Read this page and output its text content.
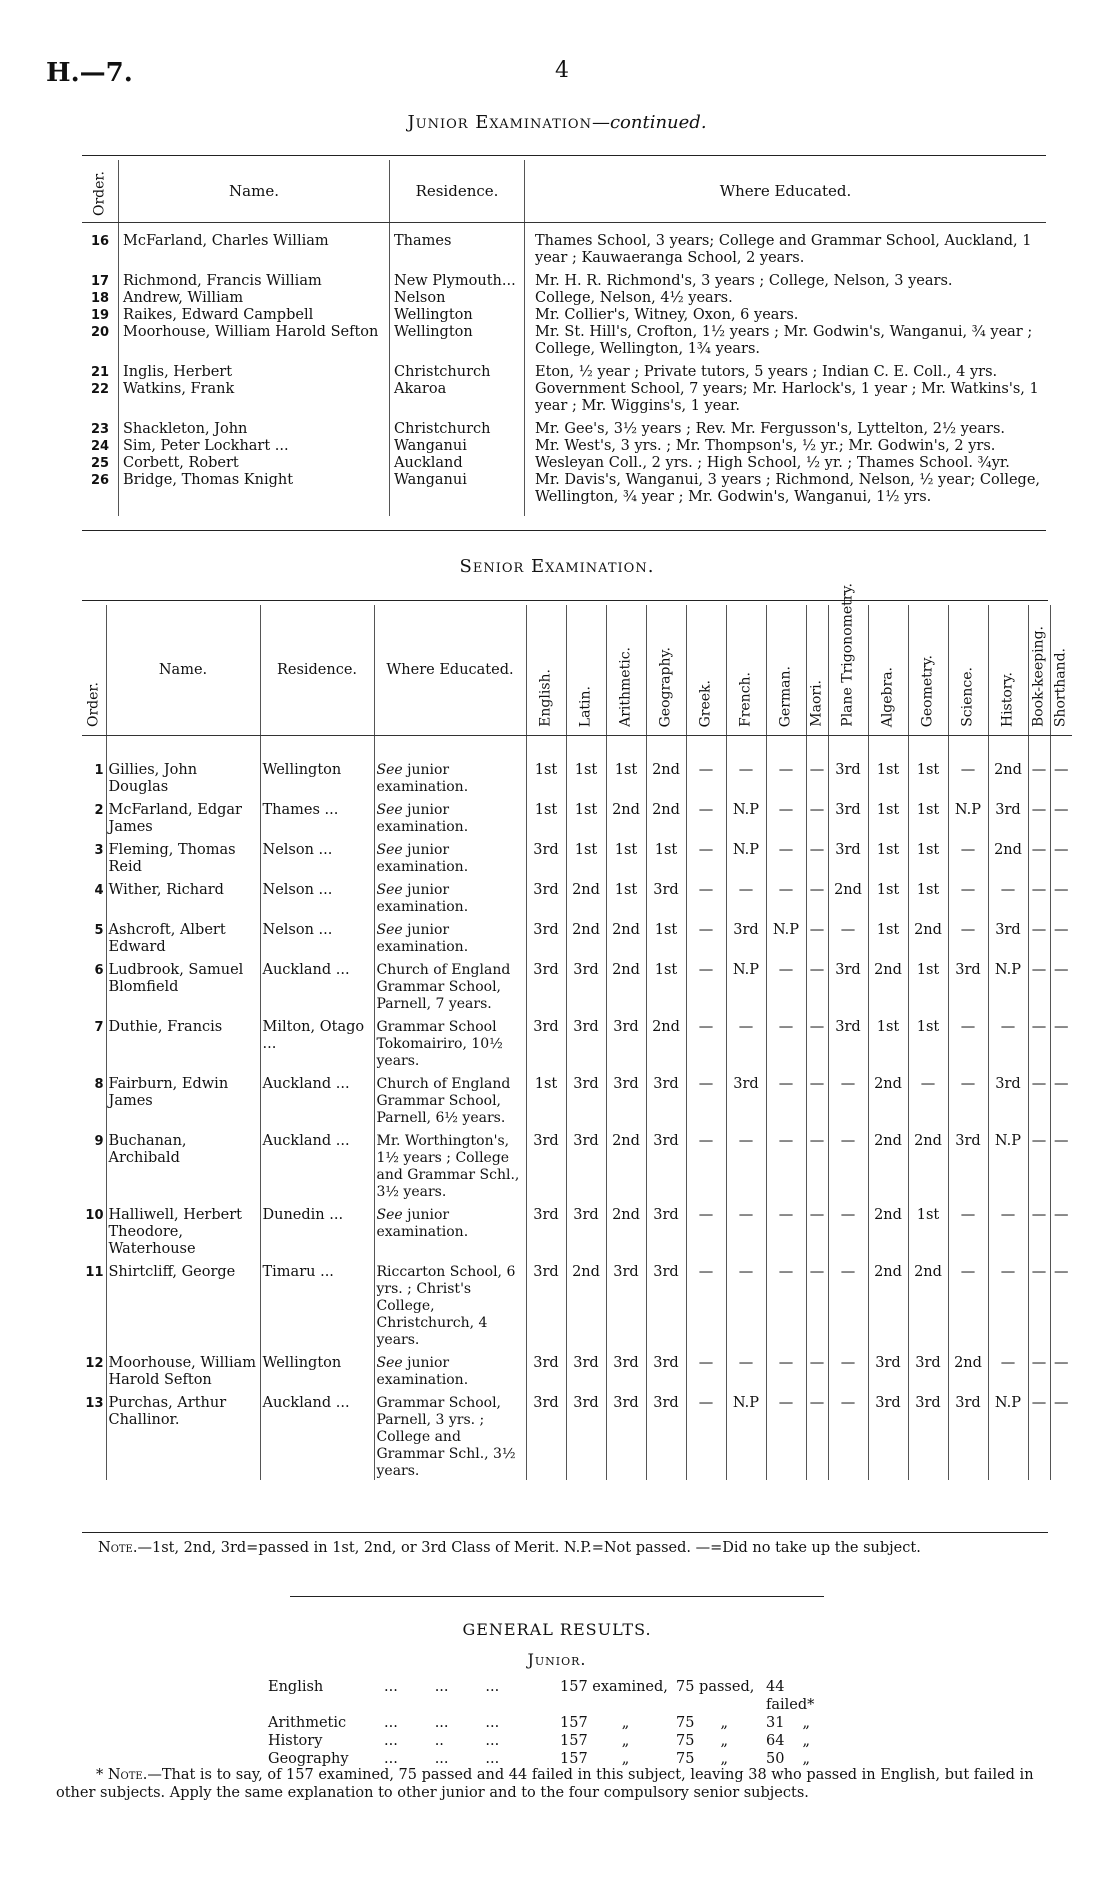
H.—7.	4
Junior Examination—continued.
Order.	Name.	Residence.	Where Educated.
16	McFarland, Charles William	Thames	Thames School, 3 years; College and Grammar School, Auckland, 1 year ; Kauwaeranga School, 2 years.
17	Richmond, Francis William	New Plymouth...	Mr. H. R. Richmond's, 3 years ; College, Nelson, 3 years.
18	Andrew, William	Nelson	College, Nelson, 4½ years.
19	Raikes, Edward Campbell	Wellington	Mr. Collier's, Witney, Oxon, 6 years.
20	Moorhouse, William Harold Sefton	Wellington	Mr. St. Hill's, Crofton, 1½ years ; Mr. Godwin's, Wanganui, ¾ year ; College, Wellington, 1¾ years.
21	Inglis, Herbert	Christchurch	Eton, ½ year ; Private tutors, 5 years ; Indian C. E. Coll., 4 yrs.
22	Watkins, Frank	Akaroa	Government School, 7 years; Mr. Harlock's, 1 year ; Mr. Watkins's, 1 year ; Mr. Wiggins's, 1 year.
23	Shackleton, John	Christchurch	Mr. Gee's, 3½ years ; Rev. Mr. Fergusson's, Lyttelton, 2½ years.
24	Sim, Peter Lockhart ...	Wanganui	Mr. West's, 3 yrs. ; Mr. Thompson's, ½ yr.; Mr. Godwin's, 2 yrs.
25	Corbett, Robert	Auckland	Wesleyan Coll., 2 yrs. ; High School, ½ yr. ; Thames School. ¾yr.
26	Bridge, Thomas Knight	Wanganui	Mr. Davis's, Wanganui, 3 years ; Richmond, Nelson, ½ year; College, Wellington, ¾ year ; Mr. Godwin's, Wanganui, 1½ yrs.
Senior Examination.
Order.	Name.	Residence.	Where Educated.	English.	Latin.	Arithmetic.	Geography.	Greek.	French.	German.	Maori.	Plane Trigonometry.	Algebra.	Geometry.	Science.	History.	Book-keeping.	Shorthand.

1	Gillies, John Douglas	Wellington	See junior examination.	1st	1st	1st	2nd	—	—	—	—	3rd	1st	1st	—	2nd	—	—
2	McFarland, Edgar James	Thames ...	See junior examination.	1st	1st	2nd	2nd	—	N.P	—	—	3rd	1st	1st	N.P	3rd	—	—
3	Fleming, Thomas Reid	Nelson ...	See junior examination.	3rd	1st	1st	1st	—	N.P	—	—	3rd	1st	1st	—	2nd	—	—
4	Wither, Richard	Nelson ...	See junior examination.	3rd	2nd	1st	3rd	—	—	—	—	2nd	1st	1st	—	—	—	—
5	Ashcroft, Albert Edward	Nelson ...	See junior examination.	3rd	2nd	2nd	1st	—	3rd	N.P	—	—	1st	2nd	—	3rd	—	—
6	Ludbrook, Samuel Blomfield	Auckland ...	Church of England Grammar School, Parnell, 7 years.	3rd	3rd	2nd	1st	—	N.P	—	—	3rd	2nd	1st	3rd	N.P	—	—
7	Duthie, Francis	Milton, Otago ...	Grammar School Tokomairiro, 10½ years.	3rd	3rd	3rd	2nd	—	—	—	—	3rd	1st	1st	—	—	—	—
8	Fairburn, Edwin James	Auckland ...	Church of England Grammar School, Parnell, 6½ years.	1st	3rd	3rd	3rd	—	3rd	—	—	—	2nd	—	—	3rd	—	—
9	Buchanan, Archibald	Auckland ...	Mr. Worthington's, 1½ years ; College and Grammar Schl., 3½ years.	3rd	3rd	2nd	3rd	—	—	—	—	—	2nd	2nd	3rd	N.P	—	—
10	Halliwell, Herbert Theodore, Waterhouse	Dunedin ...	See junior examination.	3rd	3rd	2nd	3rd	—	—	—	—	—	2nd	1st	—	—	—	—
11	Shirtcliff, George	Timaru ...	Riccarton School, 6 yrs. ; Christ's College, Christchurch, 4 years.	3rd	2nd	3rd	3rd	—	—	—	—	—	2nd	2nd	—	—	—	—
12	Moorhouse, William Harold Sefton	Wellington	See junior examination.	3rd	3rd	3rd	3rd	—	—	—	—	—	3rd	3rd	2nd	—	—	—
13	Purchas, Arthur Challinor.	Auckland ...	Grammar School, Parnell, 3 yrs. ; College and Grammar Schl., 3½ years.	3rd	3rd	3rd	3rd	—	N.P	—	—	—	3rd	3rd	3rd	N.P	—	—
Note.—1st, 2nd, 3rd=passed in 1st, 2nd, or 3rd Class of Merit. N.P.=Not passed. —=Did no take up the subject.
GENERAL RESULTS.
Junior.
English	...        ...        ...	157 examined,	75 passed,	44 failed*
Arithmetic	...        ...        ...	157 „	75 „	31 „
History	...        ..         ...	157 „	75 „	64 „
Geography	...        ...        ...	157 „	75 „	50 „
* Note.—That is to say, of 157 examined, 75 passed and 44 failed in this subject, leaving 38 who passed in English, but failed in other subjects. Apply the same explanation to other junior and to the four compulsory senior subjects.
